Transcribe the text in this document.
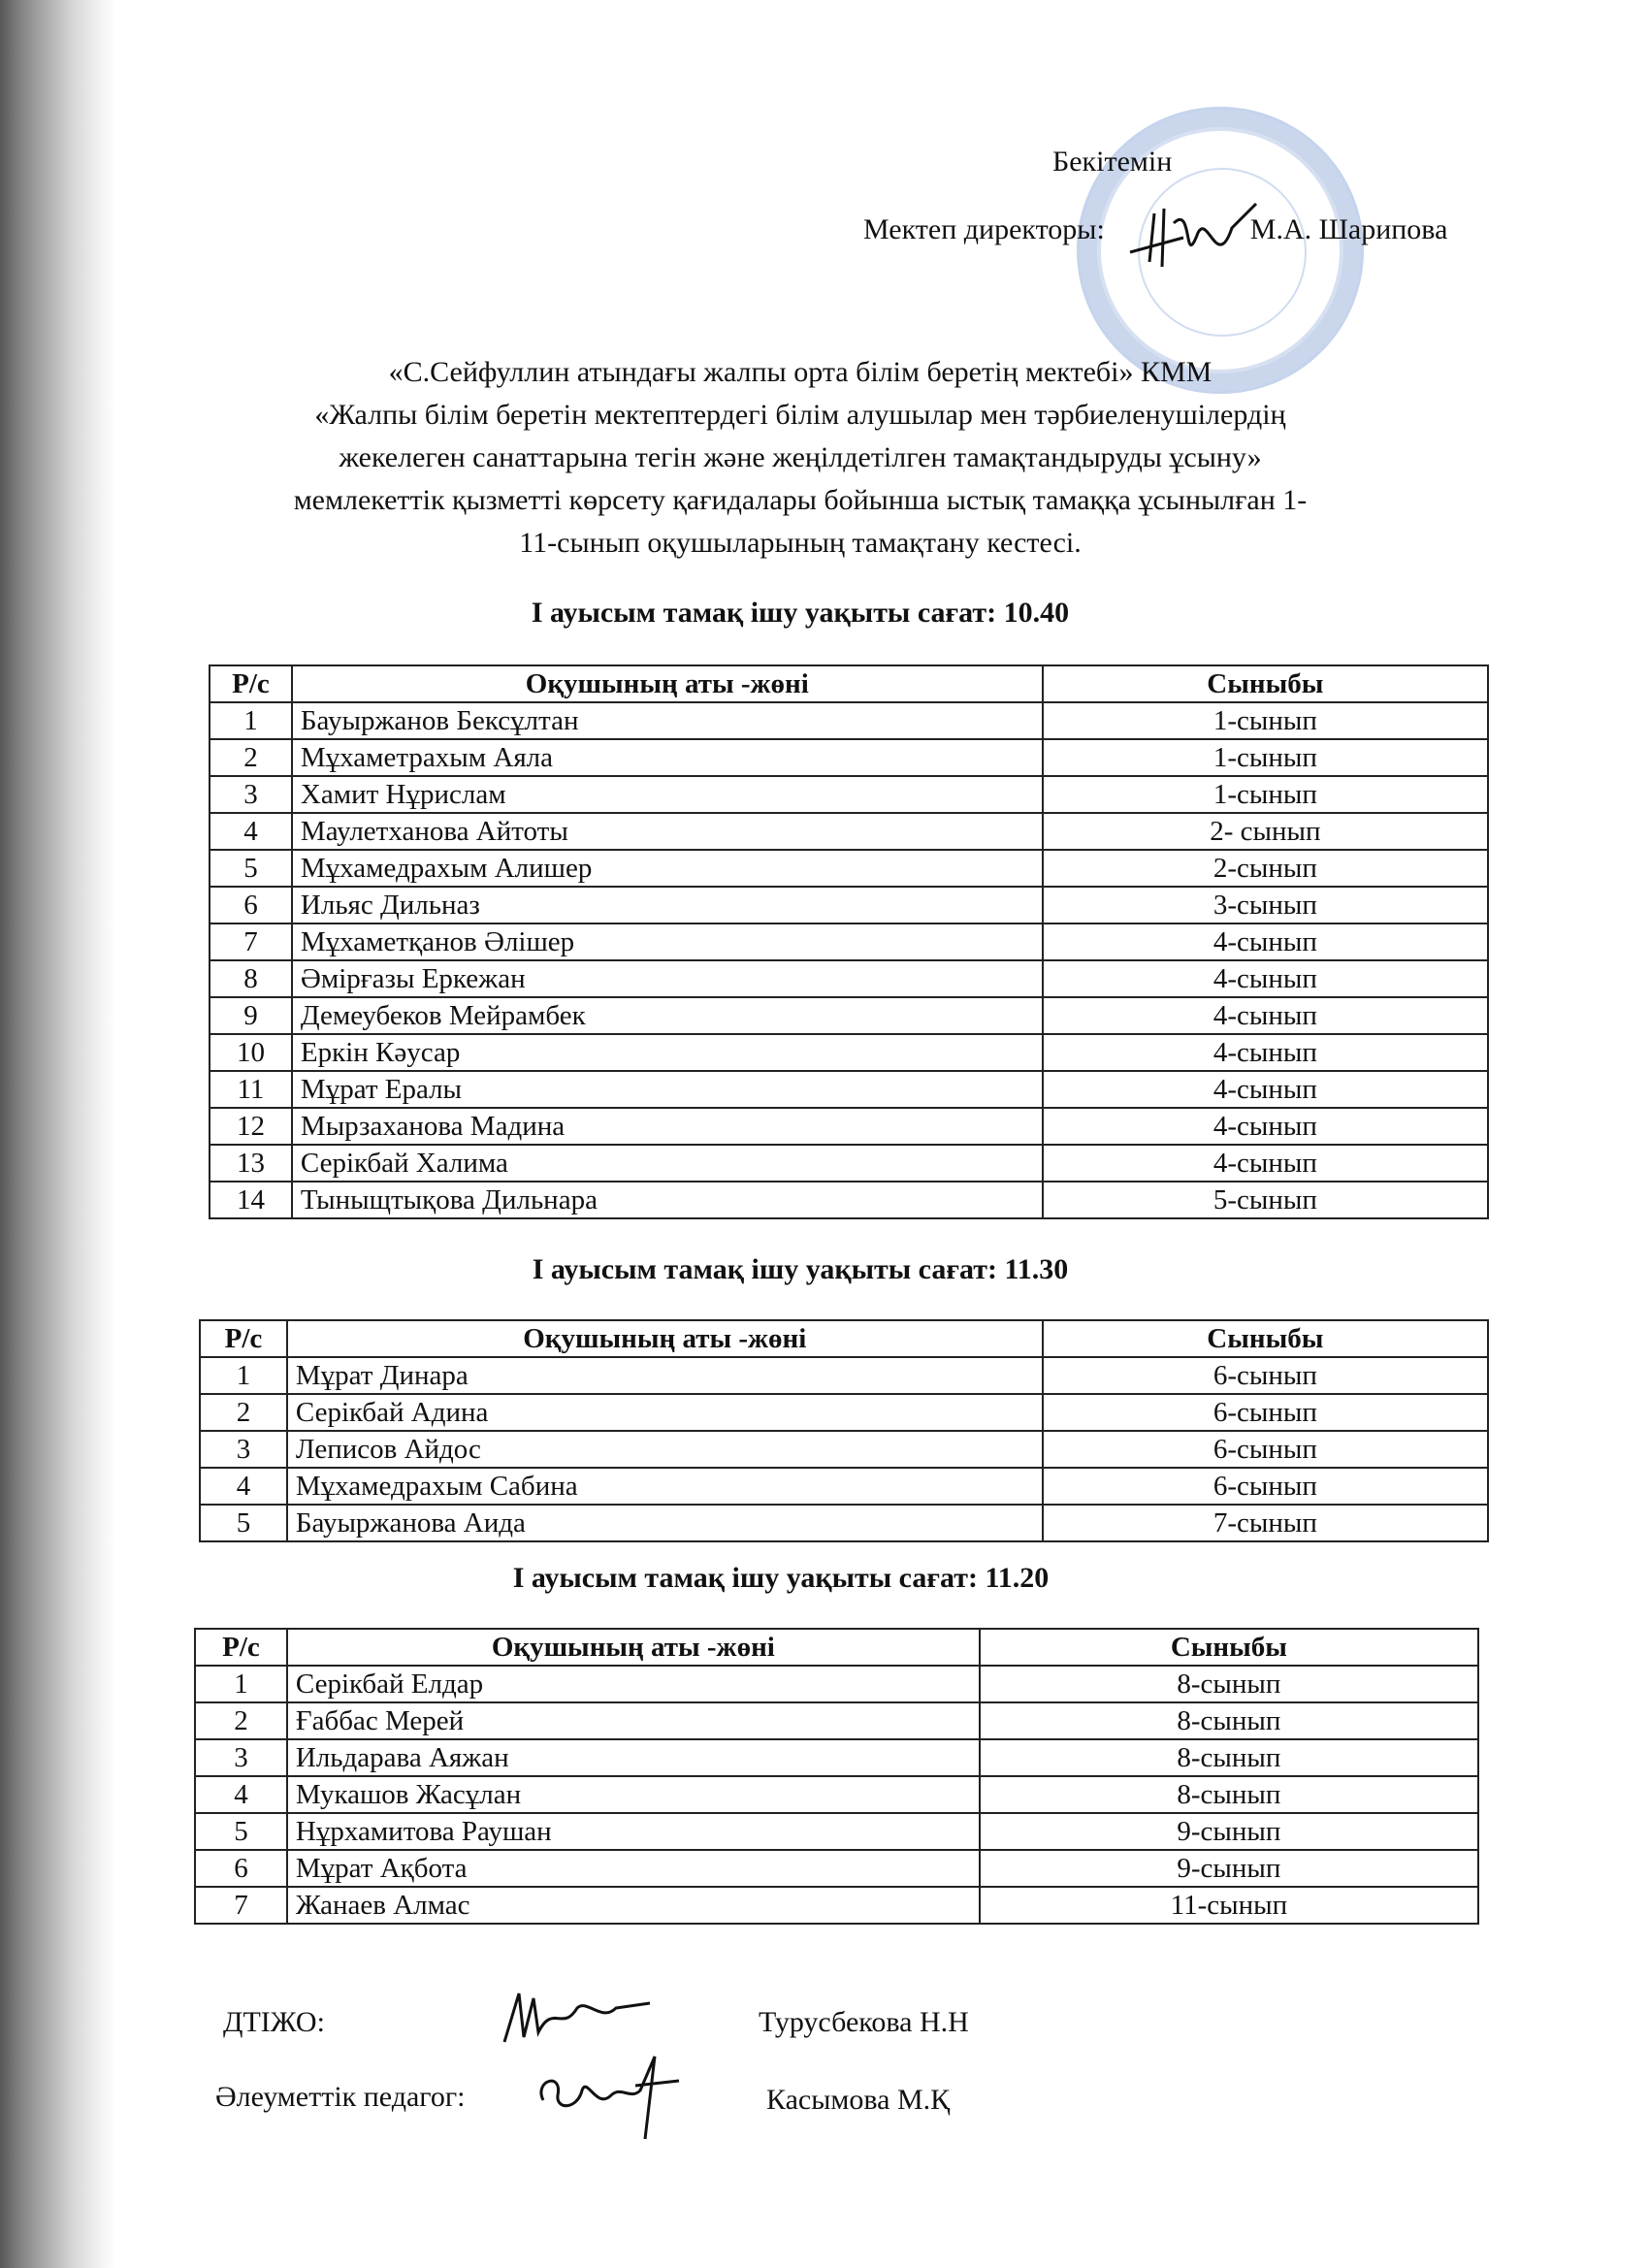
Бекітемін
Мектеп директоры:	М.А. Шарипова
«С.Сейфуллин атындағы жалпы орта білім беретің мектебі» КММ
«Жалпы білім беретін мектептердегі білім алушылар мен тәрбиеленушілердің
жекелеген санаттарына тегін және жеңілдетілген тамақтандыруды ұсыну»
мемлекеттік қызметті көрсету қағидалары бойынша ыстық тамаққа ұсынылған 1-
11-сынып оқушыларының тамақтану кестесі.
І ауысым тамақ ішу уақыты сағат: 10.40
Р/с	Оқушының аты -жөні	Сыныбы
1	Бауыржанов Бексұлтан	1-сынып
2	Мұхаметрахым Аяла	1-сынып
3	Хамит Нұрислам	1-сынып
4	Маулетханова Айтоты	2- сынып
5	Мұхамедрахым Алишер	2-сынып
6	Ильяс Дильназ	3-сынып
7	Мұхаметқанов Әлішер	4-сынып
8	Әмірғазы Еркежан	4-сынып
9	Демеубеков Мейрамбек	4-сынып
10	Еркін Кәусар	4-сынып
11	Мұрат Ералы	4-сынып
12	Мырзаханова Мадина	4-сынып
13	Серікбай Халима	4-сынып
14	Тыныщтықова Дильнара	5-сынып
І ауысым тамақ ішу уақыты сағат: 11.30
Р/с	Оқушының аты -жөні	Сыныбы
1	Мұрат Динара	6-сынып
2	Серікбай Адина	6-сынып
3	Леписов Айдос	6-сынып
4	Мұхамедрахым Сабина	6-сынып
5	Бауыржанова Аида	7-сынып
І ауысым тамақ ішу уақыты сағат: 11.20
Р/с	Оқушының аты -жөні	Сыныбы
1	Серікбай Елдар	8-сынып
2	Ғаббас Мерей	8-сынып
3	Ильдарава Аяжан	8-сынып
4	Мукашов Жасұлан	8-сынып
5	Нұрхамитова Раушан	9-сынып
6	Мұрат Ақбота	9-сынып
7	Жанаев Алмас	11-сынып
ДТІЖО:	Турусбекова Н.Н
Әлеуметтік педагог:	Касымова М.Қ
